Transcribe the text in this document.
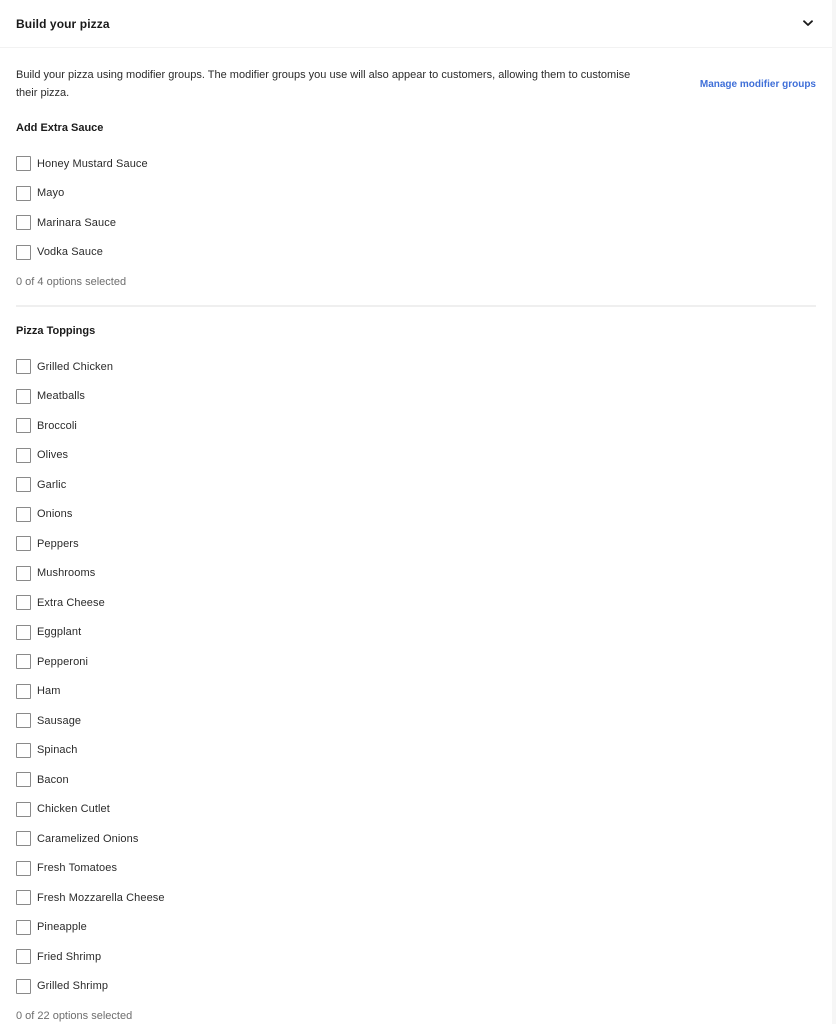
Build your pizza

Build your pizza using modifier groups. The modifier groups you use will also appear to customers, allowing them to customise their pizza.

Manage modifier groups
Add Extra Sauce
Honey Mustard Sauce
Mayo
Marinara Sauce
Vodka Sauce
0 of 4 options selected
Pizza Toppings
Grilled Chicken
Meatballs
Broccoli
Olives
Garlic
Onions
Peppers
Mushrooms
Extra Cheese
Eggplant
Pepperoni
Ham
Sausage
Spinach
Bacon
Chicken Cutlet
Caramelized Onions
Fresh Tomatoes
Fresh Mozzarella Cheese
Pineapple
Fried Shrimp
Grilled Shrimp
0 of 22 options selected
